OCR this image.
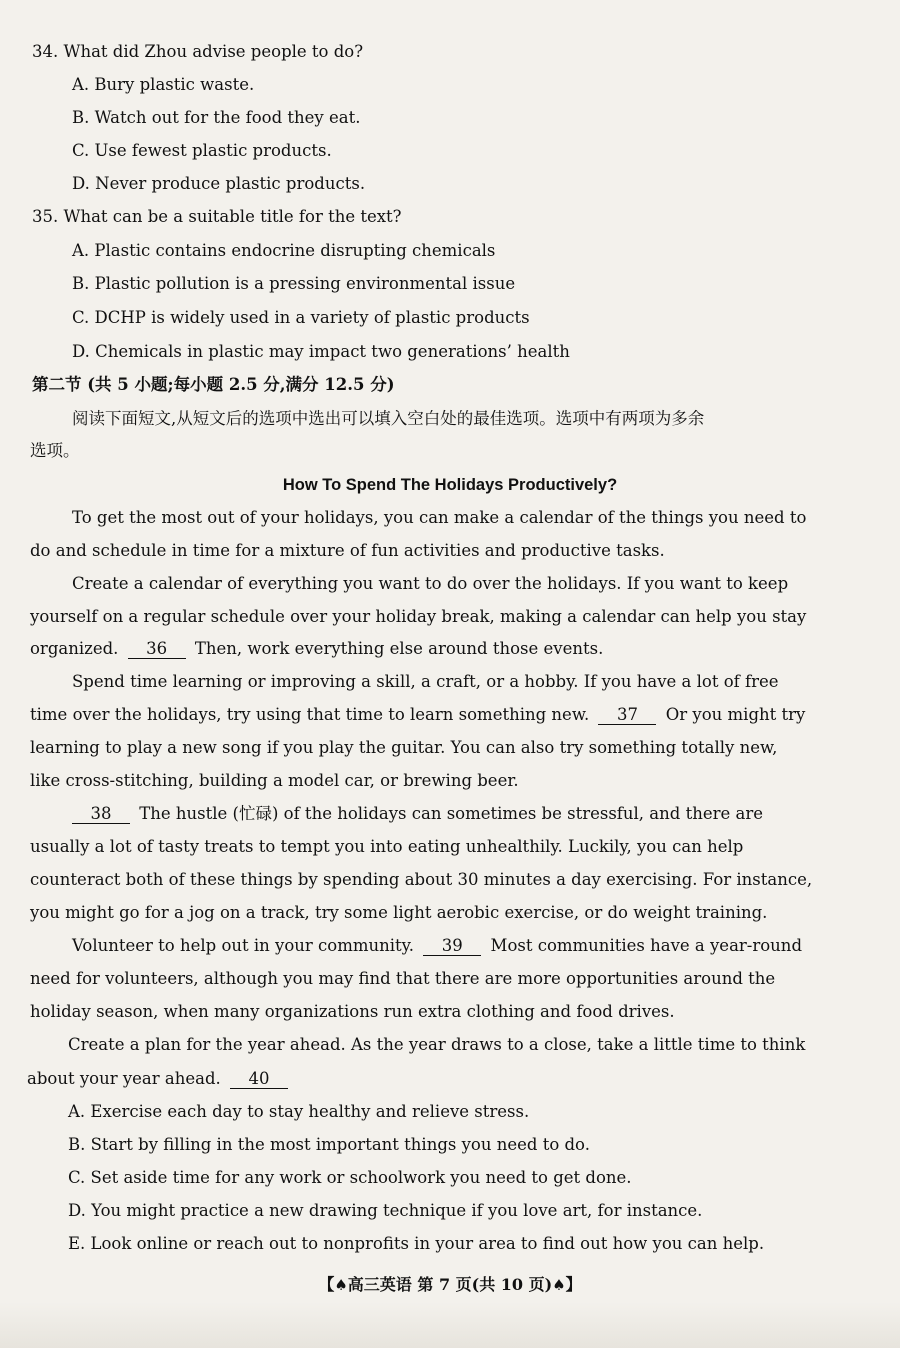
34. What did Zhou advise people to do?
A. Bury plastic waste.
B. Watch out for the food they eat.
C. Use fewest plastic products.
D. Never produce plastic products.
35. What can be a suitable title for the text?
A. Plastic contains endocrine disrupting chemicals
B. Plastic pollution is a pressing environmental issue
C. DCHP is widely used in a variety of plastic products
D. Chemicals in plastic may impact two generations’ health
第二节 (共 5 小题;每小题 2.5 分,满分 12.5 分)
阅读下面短文,从短文后的选项中选出可以填入空白处的最佳选项。选项中有两项为多余
选项。
How To Spend The Holidays Productively?
To get the most out of your holidays, you can make a calendar of the things you need to
do and schedule in time for a mixture of fun activities and productive tasks.
Create a calendar of everything you want to do over the holidays. If you want to keep
yourself on a regular schedule over your holiday break, making a calendar can help you stay
organized. 36 Then, work everything else around those events.
Spend time learning or improving a skill, a craft, or a hobby. If you have a lot of free
time over the holidays, try using that time to learn something new. 37 Or you might try
learning to play a new song if you play the guitar. You can also try something totally new,
like cross-stitching, building a model car, or brewing beer.
38 The hustle (忙碌) of the holidays can sometimes be stressful, and there are
usually a lot of tasty treats to tempt you into eating unhealthily. Luckily, you can help
counteract both of these things by spending about 30 minutes a day exercising. For instance,
you might go for a jog on a track, try some light aerobic exercise, or do weight training.
Volunteer to help out in your community. 39 Most communities have a year-round
need for volunteers, although you may find that there are more opportunities around the
holiday season, when many organizations run extra clothing and food drives.
Create a plan for the year ahead. As the year draws to a close, take a little time to think
about your year ahead. 40
A. Exercise each day to stay healthy and relieve stress.
B. Start by filling in the most important things you need to do.
C. Set aside time for any work or schoolwork you need to get done.
D. You might practice a new drawing technique if you love art, for instance.
E. Look online or reach out to nonprofits in your area to find out how you can help.
【♠高三英语 第 7 页(共 10 页)♠】
